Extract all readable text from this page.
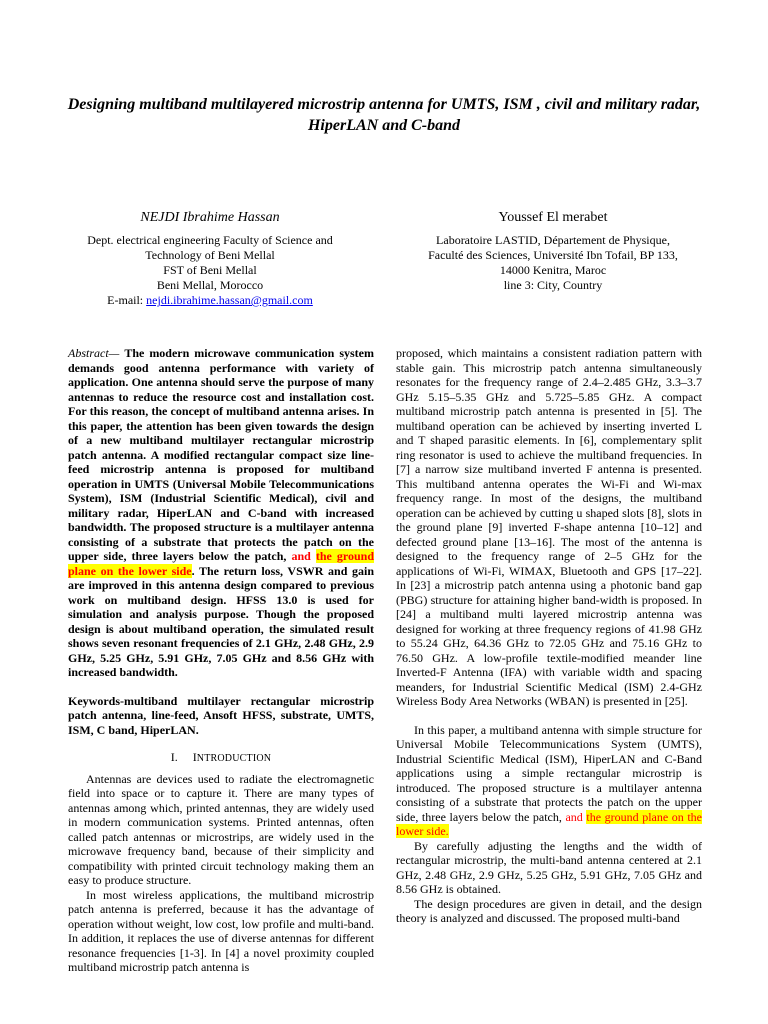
Designing multiband multilayered microstrip antenna for UMTS, ISM , civil and military radar, HiperLAN and C-band
NEJDI Ibrahime Hassan
Dept. electrical engineering Faculty of Science and
Technology of Beni Mellal
FST of Beni Mellal
Beni Mellal, Morocco
E-mail: nejdi.ibrahime.hassan@gmail.com
Youssef El merabet
Laboratoire LASTID, Département de Physique,
Faculté des Sciences, Université Ibn Tofail, BP 133,
14000 Kenitra, Maroc
line 3: City, Country

Abstract— The modern microwave communication system demands good antenna performance with variety of application. One antenna should serve the purpose of many antennas to reduce the resource cost and installation cost. For this reason, the concept of multiband antenna arises. In this paper, the attention has been given towards the design of a new multiband multilayer rectangular microstrip patch antenna. A modified rectangular compact size line-feed microstrip antenna is proposed for multiband operation in UMTS (Universal Mobile Telecommunications System), ISM (Industrial Scientific Medical), civil and military radar, HiperLAN and C-band with increased bandwidth. The proposed structure is a multilayer antenna consisting of a substrate that protects the patch on the upper side, three layers below the patch, and the ground plane on the lower side. The return loss, VSWR and gain are improved in this antenna design compared to previous work on multiband design. HFSS 13.0 is used for simulation and analysis purpose. Though the proposed design is about multiband operation, the simulated result shows seven resonant frequencies of 2.1 GHz, 2.48 GHz, 2.9 GHz, 5.25 GHz, 5.91 GHz, 7.05 GHz and 8.56 GHz with increased bandwidth.

Keywords-multiband multilayer rectangular microstrip patch antenna, line-feed, Ansoft HFSS, substrate, UMTS, ISM, C band, HiperLAN.

I. INTRODUCTION

Antennas are devices used to radiate the electromagnetic field into space or to capture it. There are many types of antennas among which, printed antennas, they are widely used in modern communication systems. Printed antennas, often called patch antennas or microstrips, are widely used in the microwave frequency band, because of their simplicity and compatibility with printed circuit technology making them an easy to produce structure.

In most wireless applications, the multiband microstrip patch antenna is preferred, because it has the advantage of operation without weight, low cost, low profile and multi-band. In addition, it replaces the use of diverse antennas for different resonance frequencies [1-3]. In [4] a novel proximity coupled multiband microstrip patch antenna is

proposed, which maintains a consistent radiation pattern with stable gain. This microstrip patch antenna simultaneously resonates for the frequency range of 2.4–2.485 GHz, 3.3–3.7 GHz 5.15–5.35 GHz and 5.725–5.85 GHz. A compact multiband microstrip patch antenna is presented in [5]. The multiband operation can be achieved by inserting inverted L and T shaped parasitic elements. In [6], complementary split ring resonator is used to achieve the multiband frequencies. In [7] a narrow size multiband inverted F antenna is presented. This multiband antenna operates the Wi-Fi and Wi-max frequency range. In most of the designs, the multiband operation can be achieved by cutting u shaped slots [8], slots in the ground plane [9] inverted F-shape antenna [10–12] and defected ground plane [13–16]. The most of the antenna is designed to the frequency range of 2–5 GHz for the applications of Wi-Fi, WIMAX, Bluetooth and GPS [17–22]. In [23] a microstrip patch antenna using a photonic band gap (PBG) structure for attaining higher band-width is proposed. In [24] a multiband multi layered microstrip antenna was designed for working at three frequency regions of 41.98 GHz to 55.24 GHz, 64.36 GHz to 72.05 GHz and 75.16 GHz to 76.50 GHz. A low-profile textile-modified meander line Inverted-F Antenna (IFA) with variable width and spacing meanders, for Industrial Scientific Medical (ISM) 2.4-GHz Wireless Body Area Networks (WBAN) is presented in [25].

In this paper, a multiband antenna with simple structure for Universal Mobile Telecommunications System (UMTS), Industrial Scientific Medical (ISM), HiperLAN and C-Band applications using a simple rectangular microstrip is introduced. The proposed structure is a multilayer antenna consisting of a substrate that protects the patch on the upper side, three layers below the patch, and the ground plane on the lower side.

By carefully adjusting the lengths and the width of rectangular microstrip, the multi-band antenna centered at 2.1 GHz, 2.48 GHz, 2.9 GHz, 5.25 GHz, 5.91 GHz, 7.05 GHz and 8.56 GHz is obtained.

The design procedures are given in detail, and the design theory is analyzed and discussed. The proposed multi-band
